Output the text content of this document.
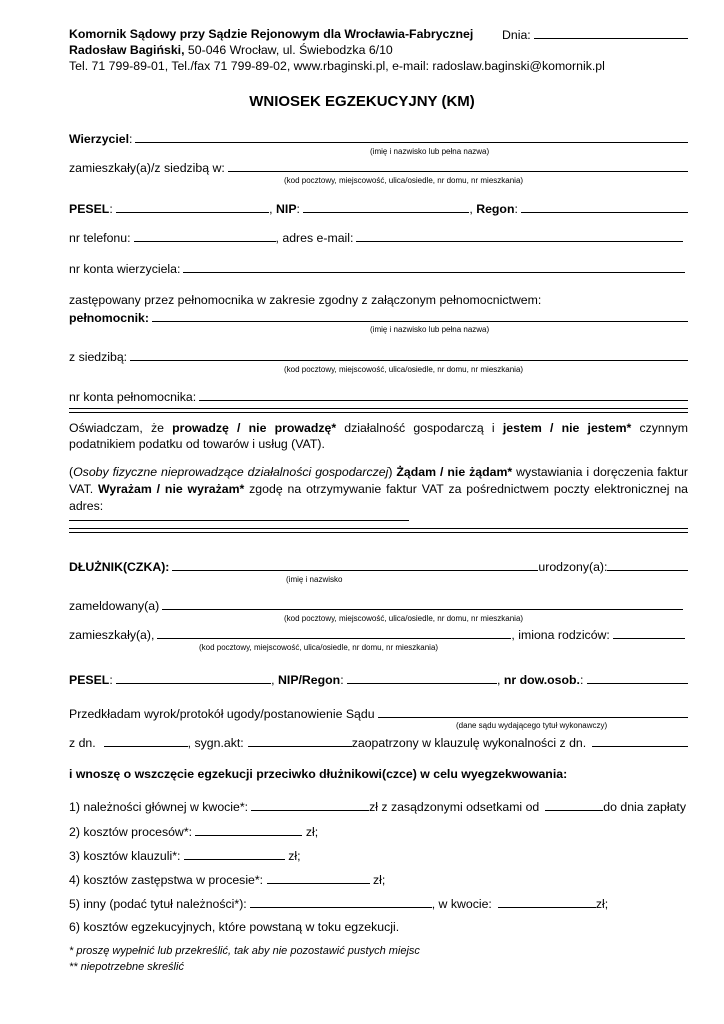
Komornik Sądowy przy Sądzie Rejonowym dla Wrocławia-Fabrycznej	Dnia:
Radosław Bagiński, 50-046 Wrocław, ul. Świebodzka 6/10
Tel. 71 799-89-01, Tel./fax 71 799-89-02, www.rbaginski.pl, e-mail: radoslaw.baginski@komornik.pl
WNIOSEK EGZEKUCYJNY (KM)
Wierzyciel :
(imię i nazwisko lub pełna nazwa)
zamieszkały(a)/z siedzibą w:
(kod pocztowy, miejscowość, ulica/osiedle, nr domu, nr mieszkania)
PESEL :	, NIP :	, Regon :
nr telefonu:	, adres e-mail:
nr konta wierzyciela:
zastępowany przez pełnomocnika w zakresie zgodny z załączonym pełnomocnictwem:
pełnomocnik:
(imię i nazwisko lub pełna nazwa)
z siedzibą:
(kod pocztowy, miejscowość, ulica/osiedle, nr domu, nr mieszkania)
nr konta pełnomocnika:
Oświadczam, że prowadzę / nie prowadzę* działalność gospodarczą i jestem / nie jestem* czynnym podatnikiem podatku od towarów i usług (VAT).
(Osoby fizyczne nieprowadzące działalności gospodarczej) Żądam / nie żądam* wystawiania i doręczenia faktur VAT. Wyrażam / nie wyrażam* zgodę na otrzymywanie faktur VAT za pośrednictwem poczty elektronicznej na adres:
DŁUŻNIK(CZKA):	urodzony(a):
(imię i nazwisko
zameldowany(a)
(kod pocztowy, miejscowość, ulica/osiedle, nr domu, nr mieszkania)
zamieszkały(a),	, imiona rodziców:
(kod pocztowy, miejscowość, ulica/osiedle, nr domu, nr mieszkania)
PESEL :	, NIP/Regon :	, nr dow.osob. :
Przedkładam wyrok/protokół ugody/postanowienie Sądu
(dane sądu wydającego tytuł wykonawczy)
z dn.	, sygn.akt:	zaopatrzony w klauzulę wykonalności z dn.
i wnoszę o wszczęcie egzekucji przeciwko dłużnikowi(czce) w celu wyegzekwowania:
1) należności głównej w kwocie*:	zł z zasądzonymi odsetkami od	do dnia zapłaty
2) kosztów procesów*:	zł;
3) kosztów klauzuli*:	zł;
4) kosztów zastępstwa w procesie*:	zł;
5) inny (podać tytuł należności*):	, w kwocie:	zł;
6) kosztów egzekucyjnych, które powstaną w toku egzekucji.
* proszę wypełnić lub przekreślić, tak aby nie pozostawić pustych miejsc
** niepotrzebne skreślić
